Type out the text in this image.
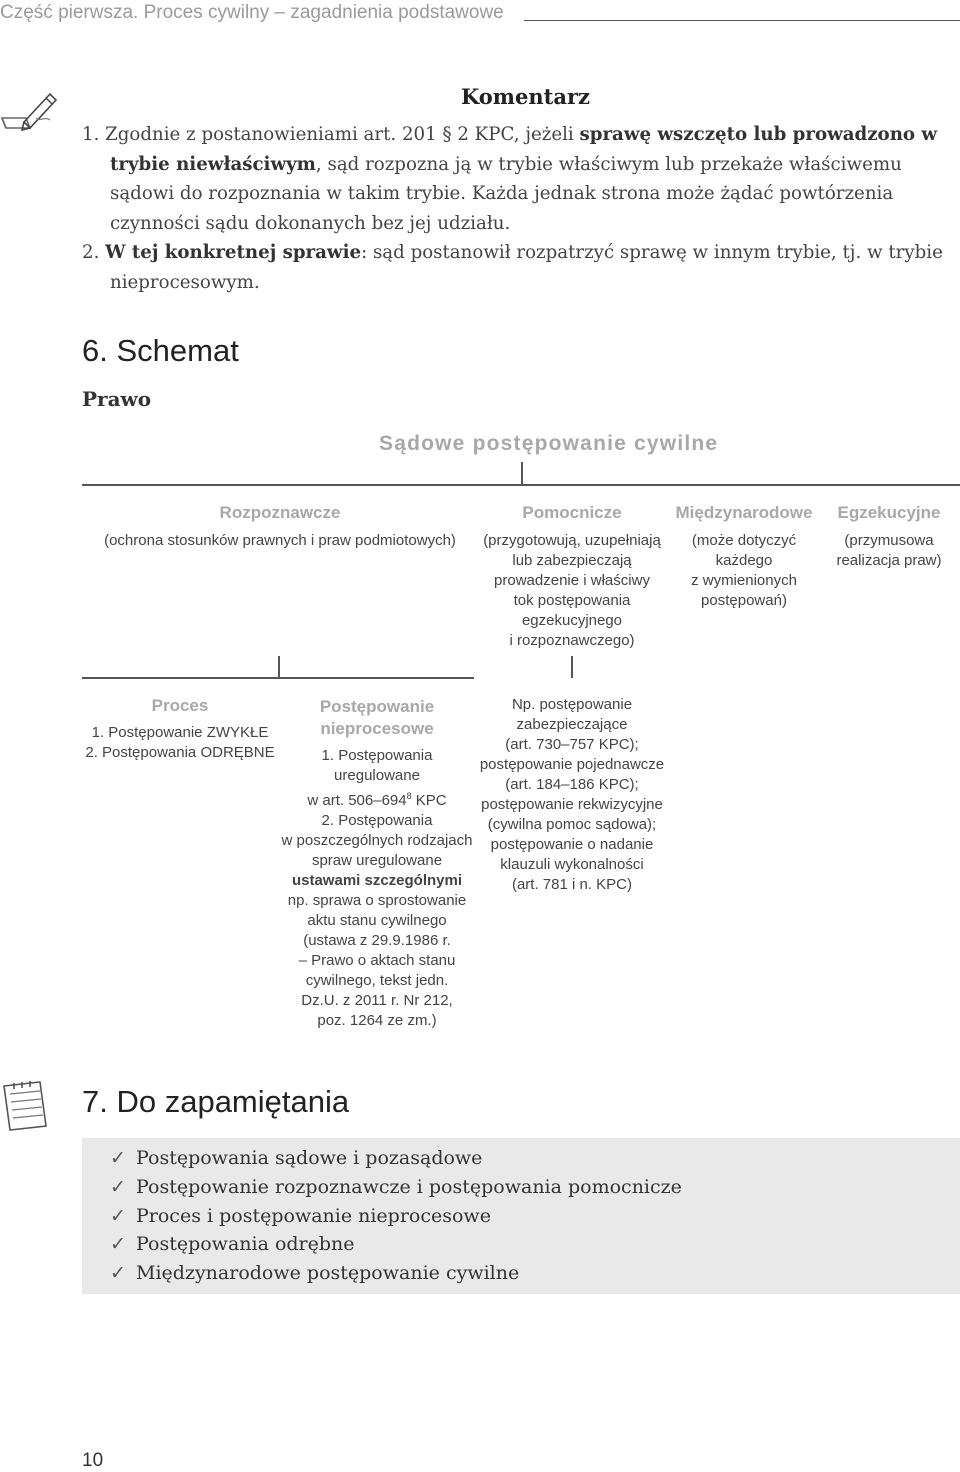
Część pierwsza. Proces cywilny – zagadnienia podstawowe
Komentarz

1. Zgodnie z postanowieniami art. 201 § 2 KPC, jeżeli sprawę wszczęto lub prowadzono w trybie niewłaściwym, sąd rozpozna ją w trybie właściwym lub przekaże właściwemu sądowi do rozpoznania w takim trybie. Każda jednak strona może żądać powtórzenia czynności sądu dokonanych bez jej udziału.

2. W tej konkretnej sprawie: sąd postanowił rozpatrzyć sprawę w innym trybie, tj. w trybie nieprocesowym.

6. Schemat
Prawo
Sądowe postępowanie cywilne
Rozpoznawcze
(ochrona stosunków prawnych i praw podmiotowych)
Pomocnicze
(przygotowują, uzupełniają
lub zabezpieczają
prowadzenie i właściwy
tok postępowania
egzekucyjnego
i rozpoznawczego)
Międzynarodowe
(może dotyczyć
każdego
z wymienionych
postępowań)
Egzekucyjne
(przymusowa
realizacja praw)
Proces
1. Postępowanie ZWYKŁE
2. Postępowania ODRĘBNE
Postępowanie
nieprocesowe
1. Postępowania
uregulowane
w art. $506-694^8$ KPC
2. Postępowania
w poszczególnych rodzajach
spraw uregulowane
ustawami szczególnymi
np. sprawa o sprostowanie
aktu stanu cywilnego
(ustawa z 29.9.1986 r.
– Prawo o aktach stanu
cywilnego, tekst jedn.
Dz.U. z 2011 r. Nr 212,
poz. 1264 ze zm.)
Np. postępowanie
zabezpieczające
(art. 730–757 KPC);
postępowanie pojednawcze
(art. 184–186 KPC);
postępowanie rekwizycyjne
(cywilna pomoc sądowa);
postępowanie o nadanie
klauzuli wykonalności
(art. 781 i n. KPC)
7. Do zapamiętania
✓ Postępowania sądowe i pozasądowe
✓ Postępowanie rozpoznawcze i postępowania pomocnicze
✓ Proces i postępowanie nieprocesowe
✓ Postępowania odrębne
✓ Międzynarodowe postępowanie cywilne
10
